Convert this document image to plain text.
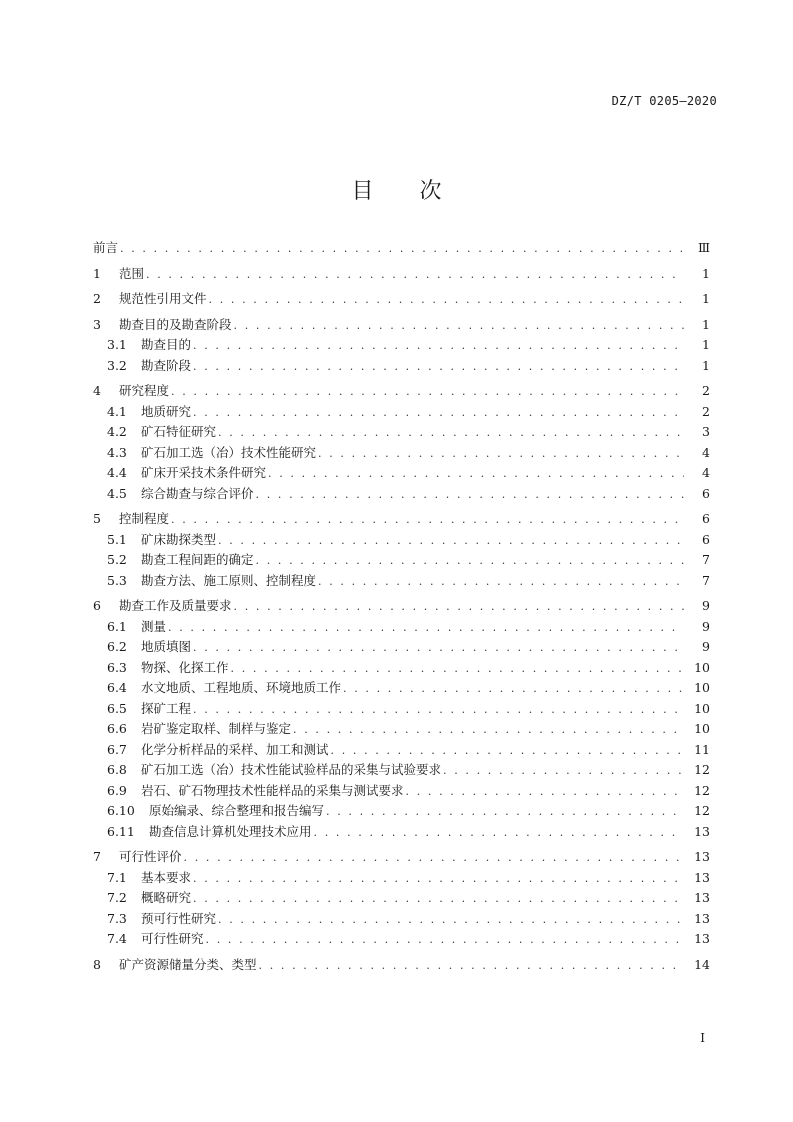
DZ/T 0205—2020
目 次
前言 . . .	Ⅲ
1	范围 . . .	1
2	规范性引用文件 . . .	1
3	勘查目的及勘查阶段 . . .	1
3.1	勘查目的 . . .	1
3.2	勘查阶段 . . .	1
4	研究程度 . . .	2
4.1	地质研究 . . .	2
4.2	矿石特征研究 . . .	3
4.3	矿石加工选（冶）技术性能研究 . . .	4
4.4	矿床开采技术条件研究 . . .	4
4.5	综合勘查与综合评价 . . .	6
5	控制程度 . . .	6
5.1	矿床勘探类型 . . .	6
5.2	勘查工程间距的确定 . . .	7
5.3	勘查方法、施工原则、控制程度 . . .	7
6	勘查工作及质量要求 . . .	9
6.1	测量 . . .	9
6.2	地质填图 . . .	9
6.3	物探、化探工作 . . .	10
6.4	水文地质、工程地质、环境地质工作 . . .	10
6.5	探矿工程 . . .	10
6.6	岩矿鉴定取样、制样与鉴定 . . .	10
6.7	化学分析样品的采样、加工和测试 . . .	11
6.8	矿石加工选（冶）技术性能试验样品的采集与试验要求 . . .	12
6.9	岩石、矿石物理技术性能样品的采集与测试要求 . . .	12
6.10	原始编录、综合整理和报告编写 . . .	12
6.11	勘查信息计算机处理技术应用 . . .	13
7	可行性评价 . . .	13
7.1	基本要求 . . .	13
7.2	概略研究 . . .	13
7.3	预可行性研究 . . .	13
7.4	可行性研究 . . .	13
8	矿产资源储量分类、类型 . . .	14
I
